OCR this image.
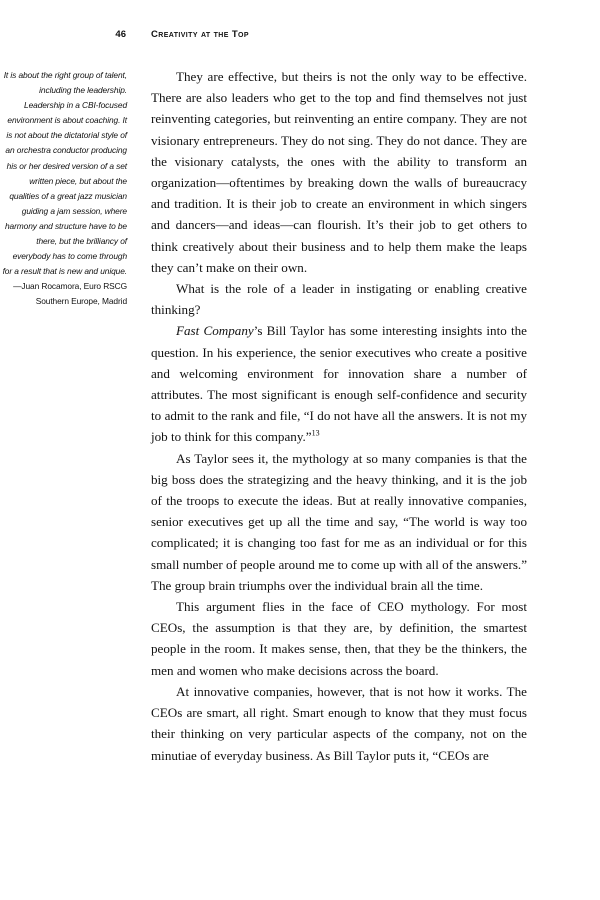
46	Creativity at the Top
It is about the right group of talent, including the leadership. Leadership in a CBI-focused environment is about coaching. It is not about the dictatorial style of an orchestra conductor producing his or her desired version of a set written piece, but about the qualities of a great jazz musician guiding a jam session, where harmony and structure have to be there, but the brilliancy of everybody has to come through for a result that is new and unique.
—Juan Rocamora, Euro RSCG Southern Europe, Madrid

They are effective, but theirs is not the only way to be effective. There are also leaders who get to the top and find themselves not just reinventing categories, but reinventing an entire company. They are not visionary entrepreneurs. They do not sing. They do not dance. They are the visionary catalysts, the ones with the ability to transform an organization—oftentimes by breaking down the walls of bureaucracy and tradition. It is their job to create an environment in which singers and dancers—and ideas—can flourish. It’s their job to get others to think creatively about their business and to help them make the leaps they can’t make on their own.

What is the role of a leader in instigating or enabling creative thinking?

Fast Company’s Bill Taylor has some interesting insights into the question. In his experience, the senior executives who create a positive and welcoming environment for innovation share a number of attributes. The most significant is enough self-confidence and security to admit to the rank and file, “I do not have all the answers. It is not my job to think for this company.”$^{13}$

As Taylor sees it, the mythology at so many companies is that the big boss does the strategizing and the heavy thinking, and it is the job of the troops to execute the ideas. But at really innovative companies, senior executives get up all the time and say, “The world is way too complicated; it is changing too fast for me as an individual or for this small number of people around me to come up with all of the answers.” The group brain triumphs over the individual brain all the time.

This argument flies in the face of CEO mythology. For most CEOs, the assumption is that they are, by definition, the smartest people in the room. It makes sense, then, that they be the thinkers, the men and women who make decisions across the board.

At innovative companies, however, that is not how it works. The CEOs are smart, all right. Smart enough to know that they must focus their thinking on very particular aspects of the company, not on the minutiae of everyday business. As Bill Taylor puts it, “CEOs are
